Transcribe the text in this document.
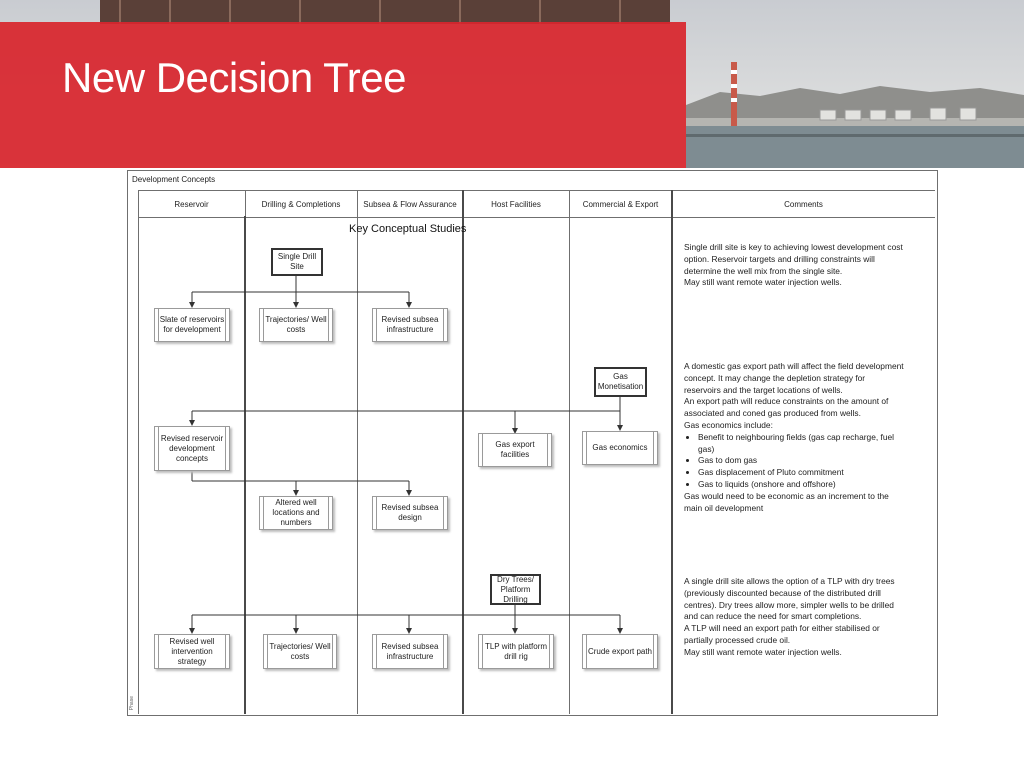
New Decision Tree
Development Concepts
Phase
Reservoir	Drilling & Completions	Subsea & Flow Assurance	Host Facilities	Commercial & Export	Comments
Key Conceptual Studies
Single Drill Site
Gas Monetisation
Dry Trees/ Platform Drilling
Slate of reservoirs for development
Trajectories/ Well costs
Revised subsea infrastructure
Revised reservoir development concepts
Gas export facilities
Gas economics
Altered well locations and numbers
Revised subsea design
Revised well intervention strategy
Trajectories/ Well costs
Revised subsea infrastructure
TLP with platform drill rig
Crude export path

Single drill site is key to achieving lowest development cost option. Reservoir targets and drilling constraints will determine the well mix from the single site.

May still want remote water injection wells.

A domestic gas export path will affect the field development concept. It may change the depletion strategy for reservoirs and the target locations of wells.

An export path will reduce constraints on the amount of associated and coned gas produced from wells.

Gas economics include:

• Benefit to neighbouring fields (gas cap recharge, fuel gas)
• Gas to dom gas
• Gas displacement of Pluto commitment
• Gas to liquids (onshore and offshore)

Gas would need to be economic as an increment to the main oil development

A single drill site allows the option of a TLP with dry trees (previously discounted because of the distributed drill centres). Dry trees allow more, simpler wells to be drilled and can reduce the need for smart completions.

A TLP will need an export path for either stabilised or partially processed crude oil.

May still want remote water injection wells.
